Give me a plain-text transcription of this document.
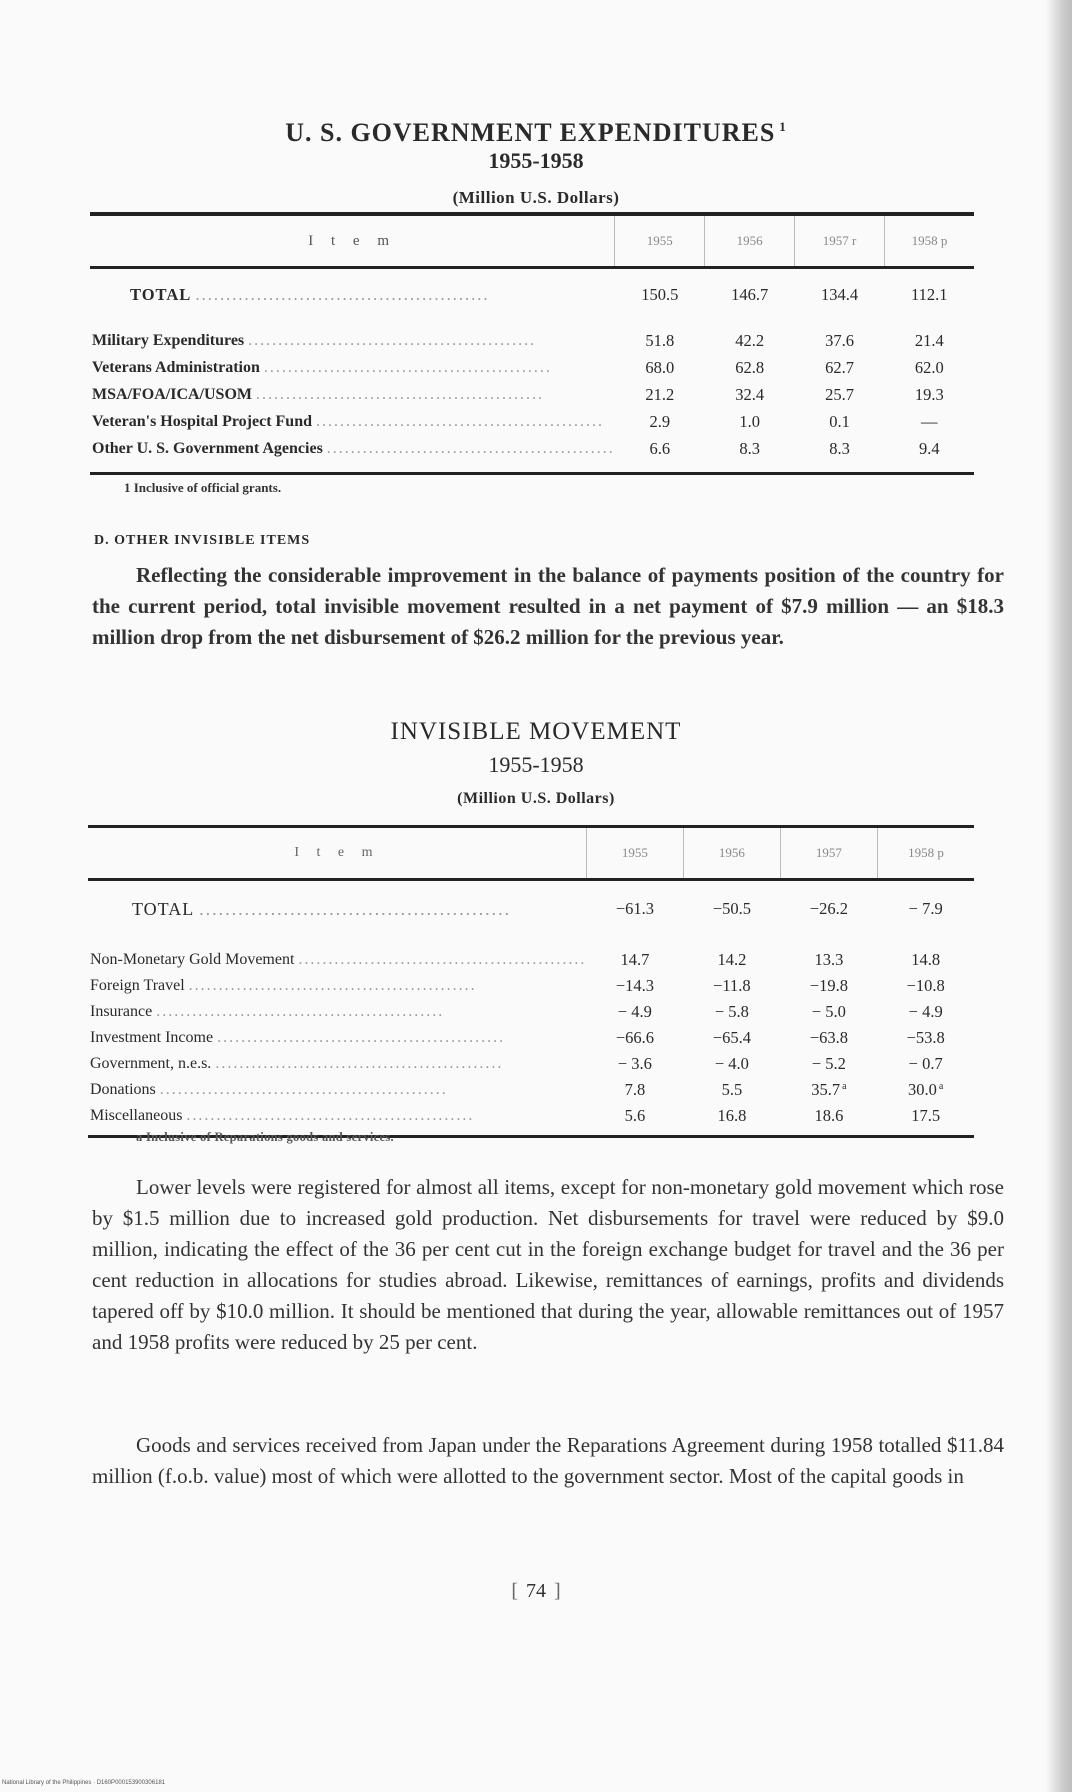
U. S. GOVERNMENT EXPENDITURES $^1$
1955-1958
(Million U.S. Dollars)
I t e m	1955	1956	1957 r	1958 p
TOTAL ................................................	150.5	146.7	134.4	112.1
Military Expenditures ................................................	51.8	42.2	37.6	21.4
Veterans Administration ................................................	68.0	62.8	62.7	62.0
MSA/FOA/ICA/USOM ................................................	21.2	32.4	25.7	19.3
Veteran's Hospital Project Fund ................................................	2.9	1.0	0.1	—
Other U. S. Government Agencies ................................................	6.6	8.3	8.3	9.4
1 Inclusive of official grants.
D. OTHER INVISIBLE ITEMS
Reflecting the considerable improvement in the balance of payments position of the country for the current period, total invisible movement resulted in a net payment of $7.9 million — an $18.3 million drop from the net disbursement of $26.2 million for the previous year.
INVISIBLE MOVEMENT
1955-1958
(Million U.S. Dollars)
I t e m	1955	1956	1957	1958 p
TOTAL ................................................	−61.3	−50.5	−26.2	− 7.9
Non-Monetary Gold Movement ................................................	14.7	14.2	13.3	14.8
Foreign Travel ................................................	−14.3	−11.8	−19.8	−10.8
Insurance ................................................	− 4.9	− 5.8	− 5.0	− 4.9
Investment Income ................................................	−66.6	−65.4	−63.8	−53.8
Government, n.e.s. ................................................	− 3.6	− 4.0	− 5.2	− 0.7
Donations ................................................	7.8	5.5	35.7 $^a$	30.0 $^a$
Miscellaneous ................................................	5.6	16.8	18.6	17.5
a Inclusive of Reparations goods and services.
Lower levels were registered for almost all items, except for non-monetary gold movement which rose by $1.5 million due to increased gold production. Net disbursements for travel were reduced by $9.0 million, indicating the effect of the 36 per cent cut in the foreign exchange budget for travel and the 36 per cent reduction in allocations for studies abroad. Likewise, remittances of earnings, profits and dividends tapered off by $10.0 million. It should be mentioned that during the year, allowable remittances out of 1957 and 1958 profits were reduced by 25 per cent.
Goods and services received from Japan under the Reparations Agreement during 1958 totalled $11.84 million (f.o.b. value) most of which were allotted to the government sector. Most of the capital goods in
[ 74 ]
National Library of the Philippines · D160P000153900306181
